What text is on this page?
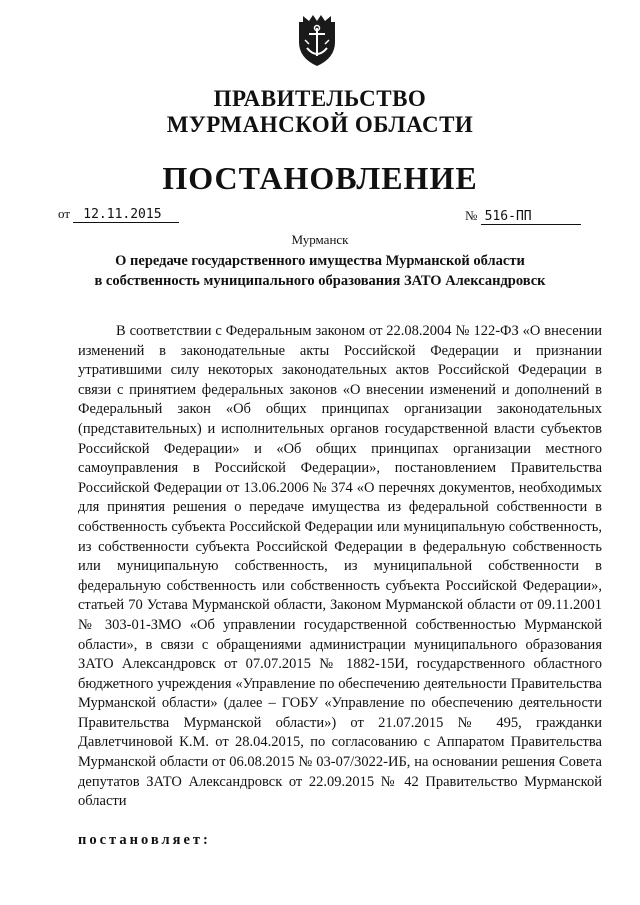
ПРАВИТЕЛЬСТВО
МУРМАНСКОЙ ОБЛАСТИ
ПОСТАНОВЛЕНИЕ
от 12.11.2015	№ 516-ПП
Мурманск
О передаче государственного имущества Мурманской области
в собственность муниципального образования ЗАТО Александровск

В соответствии с Федеральным законом от 22.08.2004 № 122-ФЗ «О внесении изменений в законодательные акты Российской Федерации и признании утратившими силу некоторых законодательных актов Российской Федерации в связи с принятием федеральных законов «О внесении изменений и дополнений в Федеральный закон «Об общих принципах организации законодательных (представительных) и исполнительных органов государственной власти субъектов Российской Федерации» и «Об общих принципах организации местного самоуправления в Российской Федерации», постановлением Правительства Российской Федерации от 13.06.2006 № 374 «О перечнях документов, необходимых для принятия решения о передаче имущества из федеральной собственности в собственность субъекта Российской Федерации или муниципальную собственность, из собственности субъекта Российской Федерации в федеральную собственность или муниципальную собственность, из муниципальной собственности в федеральную собственность или собственность субъекта Российской Федерации», статьей 70 Устава Мурманской области, Законом Мурманской области от 09.11.2001 № 303-01-ЗМО «Об управлении государственной собственностью Мурманской области», в связи с обращениями администрации муниципального образования ЗАТО Александровск от 07.07.2015 № 1882-15И, государственного областного бюджетного учреждения «Управление по обеспечению деятельности Правительства Мурманской области» (далее – ГОБУ «Управление по обеспечению деятельности Правительства Мурманской области») от 21.07.2015 № 495, гражданки Давлетчиновой К.М. от 28.04.2015, по согласованию с Аппаратом Правительства Мурманской области от 06.08.2015 № 03-07/3022-ИБ, на основании решения Совета депутатов ЗАТО Александровск от 22.09.2015 № 42 Правительство Мурманской области

постановляет:
